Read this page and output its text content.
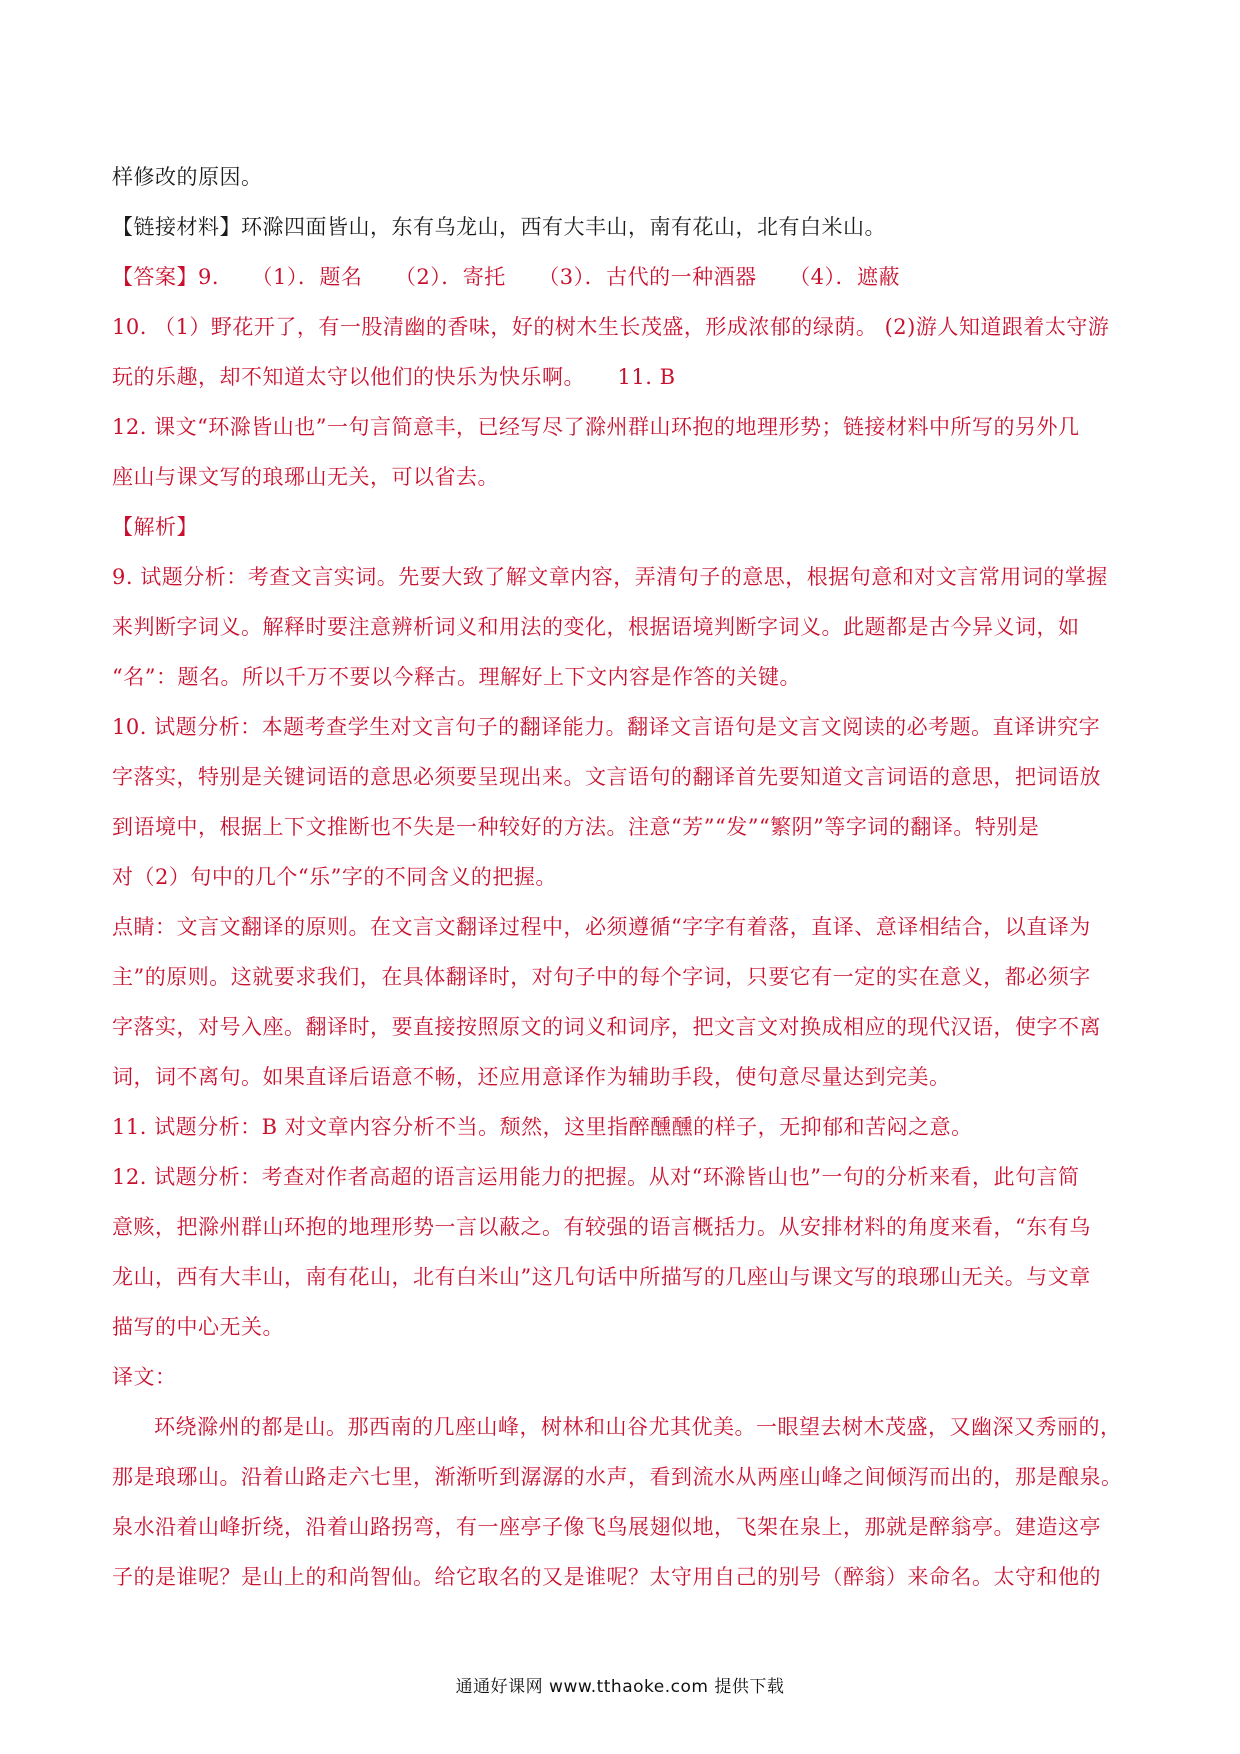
样修改的原因。
【链接材料】环滁四面皆山，东有乌龙山，西有大丰山，南有花山，北有白米山。
【答案】9.　　（1）．题名　　（2）．寄托　　（3）．古代的一种酒器　　（4）．遮蔽
10. （1）野花开了，有一股清幽的香味，好的树木生长茂盛，形成浓郁的绿荫。 (2)游人知道跟着太守游
玩的乐趣，却不知道太守以他们的快乐为快乐啊。　　11. B
12. 课文“环滁皆山也”一句言简意丰，已经写尽了滁州群山环抱的地理形势；链接材料中所写的另外几
座山与课文写的琅琊山无关，可以省去。
【解析】
9. 试题分析：考查文言实词。先要大致了解文章内容，弄清句子的意思，根据句意和对文言常用词的掌握
来判断字词义。解释时要注意辨析词义和用法的变化，根据语境判断字词义。此题都是古今异义词，如
“名”：题名。所以千万不要以今释古。理解好上下文内容是作答的关键。
10. 试题分析：本题考查学生对文言句子的翻译能力。翻译文言语句是文言文阅读的必考题。直译讲究字
字落实，特别是关键词语的意思必须要呈现出来。文言语句的翻译首先要知道文言词语的意思，把词语放
到语境中，根据上下文推断也不失是一种较好的方法。注意“芳”“发”“繁阴”等字词的翻译。特别是
对（2）句中的几个“乐”字的不同含义的把握。
点睛：文言文翻译的原则。在文言文翻译过程中，必须遵循“字字有着落，直译、意译相结合，以直译为
主”的原则。这就要求我们，在具体翻译时，对句子中的每个字词，只要它有一定的实在意义，都必须字
字落实，对号入座。翻译时，要直接按照原文的词义和词序，把文言文对换成相应的现代汉语，使字不离
词，词不离句。如果直译后语意不畅，还应用意译作为辅助手段，使句意尽量达到完美。
11. 试题分析：B 对文章内容分析不当。颓然，这里指醉醺醺的样子，无抑郁和苦闷之意。
12. 试题分析：考查对作者高超的语言运用能力的把握。从对“环滁皆山也”一句的分析来看，此句言简
意赅，把滁州群山环抱的地理形势一言以蔽之。有较强的语言概括力。从安排材料的角度来看，“东有乌
龙山，西有大丰山，南有花山，北有白米山”这几句话中所描写的几座山与课文写的琅琊山无关。与文章
描写的中心无关。
译文：
环绕滁州的都是山。那西南的几座山峰，树林和山谷尤其优美。一眼望去树木茂盛，又幽深又秀丽的，
那是琅琊山。沿着山路走六七里，渐渐听到潺潺的水声，看到流水从两座山峰之间倾泻而出的，那是酿泉。
泉水沿着山峰折绕，沿着山路拐弯，有一座亭子像飞鸟展翅似地，飞架在泉上，那就是醉翁亭。建造这亭
子的是谁呢？是山上的和尚智仙。给它取名的又是谁呢？太守用自己的别号（醉翁）来命名。太守和他的
通通好课网 www.tthaoke.com 提供下载
